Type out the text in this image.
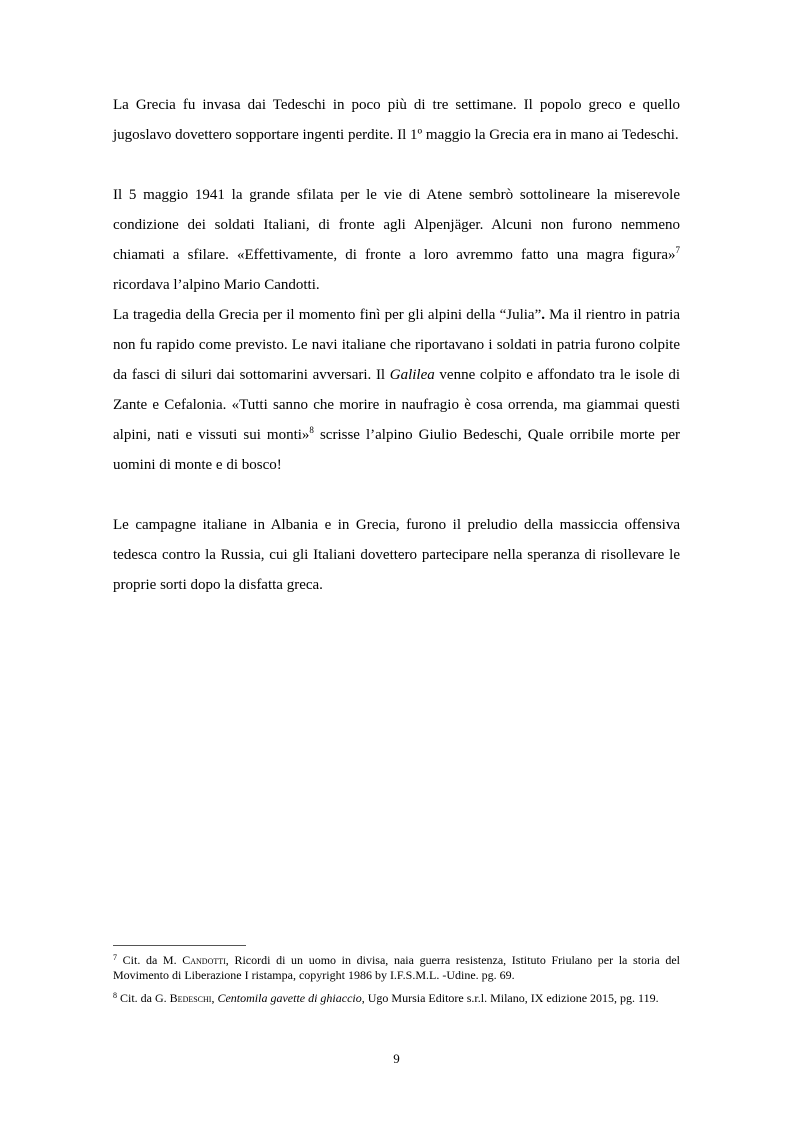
La Grecia fu invasa dai Tedeschi in poco più di tre settimane. Il popolo greco e quello jugoslavo dovettero sopportare ingenti perdite. Il 1º maggio la Grecia era in mano ai Tedeschi.

Il 5 maggio 1941 la grande sfilata per le vie di Atene sembrò sottolineare la miserevole condizione dei soldati Italiani, di fronte agli Alpenjäger. Alcuni non furono nemmeno chiamati a sfilare. «Effettivamente, di fronte a loro avremmo fatto una magra figura»$^7$ ricordava l’alpino Mario Candotti.

La tragedia della Grecia per il momento finì per gli alpini della “Julia”. Ma il rientro in patria non fu rapido come previsto. Le navi italiane che riportavano i soldati in patria furono colpite da fasci di siluri dai sottomarini avversari. Il Galilea venne colpito e affondato tra le isole di Zante e Cefalonia. «Tutti sanno che morire in naufragio è cosa orrenda, ma giammai questi alpini, nati e vissuti sui monti»$^8$ scrisse l’alpino Giulio Bedeschi, Quale orribile morte per uomini di monte e di bosco!

Le campagne italiane in Albania e in Grecia, furono il preludio della massiccia offensiva tedesca contro la Russia, cui gli Italiani dovettero partecipare nella speranza di risollevare le proprie sorti dopo la disfatta greca.

$^7$ Cit. da M. Candotti, Ricordi di un uomo in divisa, naia guerra resistenza, Istituto Friulano per la storia del Movimento di Liberazione I ristampa, copyright 1986 by I.F.S.M.L. -Udine. pg. 69.

$^8$ Cit. da G. Bedeschi, Centomila gavette di ghiaccio, Ugo Mursia Editore s.r.l. Milano, IX edizione 2015, pg. 119.

9
